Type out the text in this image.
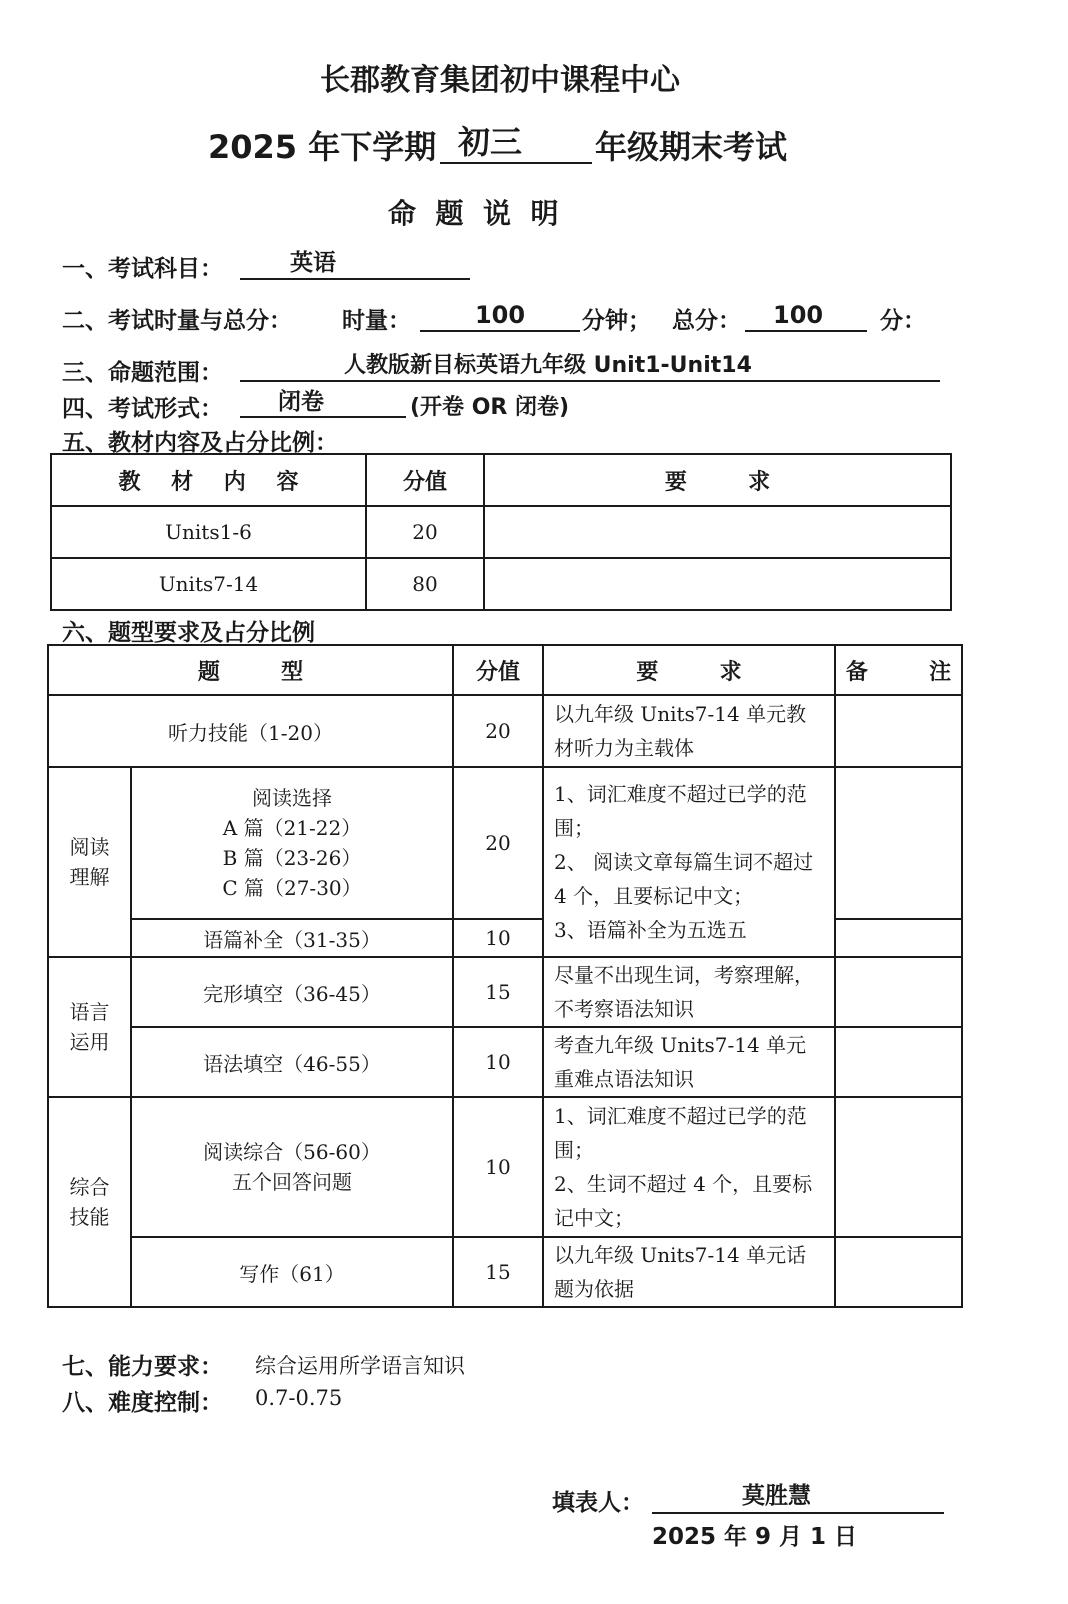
长郡教育集团初中课程中心
2025 年下学期 初三	年级期末考试
命  题  说  明
一、考试科目：	英语
二、考试时量与总分： 时量：	100	分钟； 总分：	100	分：
三、命题范围：	人教版新目标英语九年级 Unit1-Unit14
四、考试形式：	闭卷	(开卷 OR 闭卷)
五、教材内容及占分比例：
教    材    内    容	分值	要        求
Units1-6	20	
Units7-14	80	
六、题型要求及占分比例
题        型		分值	要        求	备        注
听力技能（1-20）		20	以九年级 Units7-14 单元教材听力为主载体	
阅读
理解	阅读选择
A 篇（21-22）
B 篇（23-26）
C 篇（27-30）	20	1、词汇难度不超过已学的范围；
2、 阅读文章每篇生词不超过 4 个，且要标记中文；
3、语篇补全为五选五	
	语篇补全（31-35）	10		
语言
运用	完形填空（36-45）	15	尽量不出现生词，考察理解，不考察语法知识	
	语法填空（46-55）	10	考查九年级 Units7-14 单元重难点语法知识	
综合
技能	阅读综合（56-60）
五个回答问题	10	1、词汇难度不超过已学的范围；
2、生词不超过 4 个，且要标记中文；	
	写作（61）	15	以九年级 Units7-14 单元话题为依据	
七、能力要求： 综合运用所学语言知识
八、难度控制： 0.7-0.75
填表人：	莫胜慧
2025 年 9 月 1 日
